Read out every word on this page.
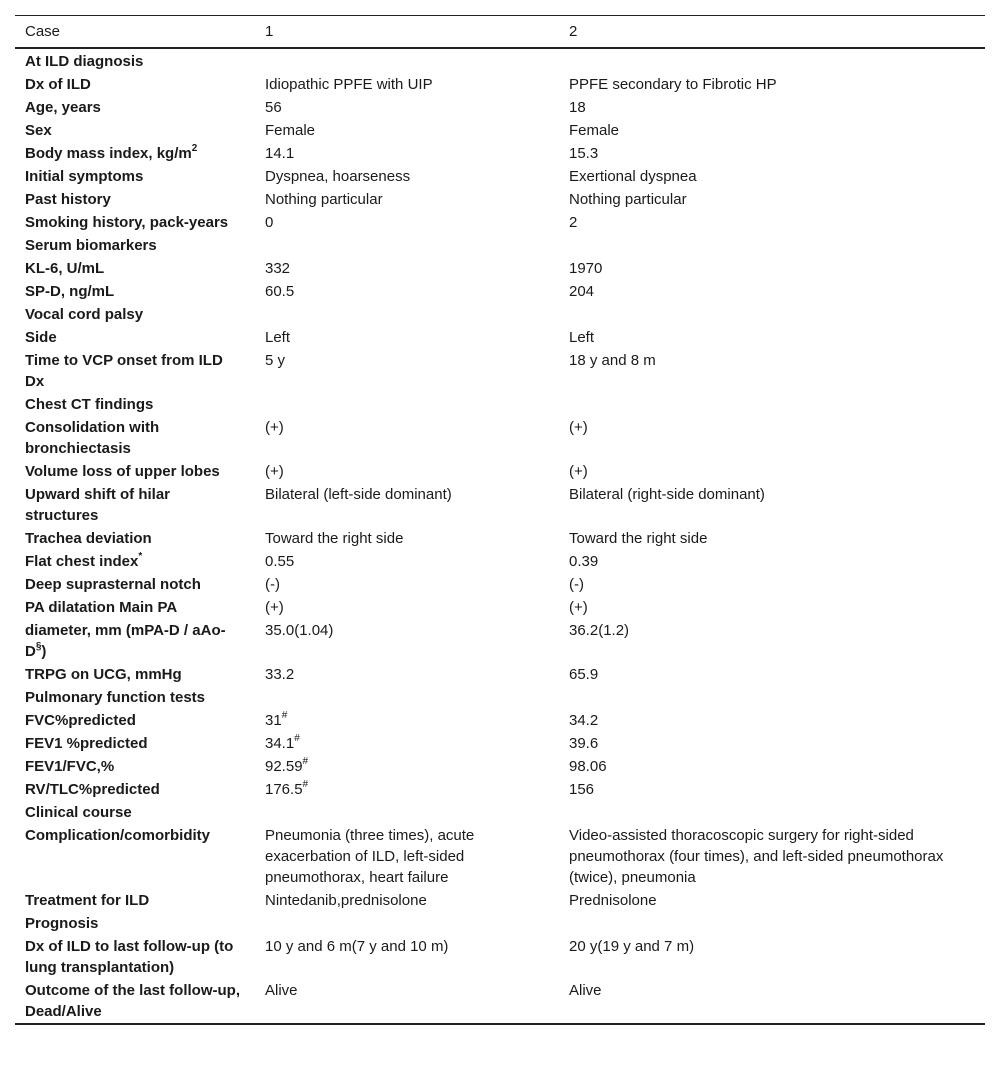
Case	1	2
At ILD diagnosis		
Dx of ILD	Idiopathic PPFE with UIP	PPFE secondary to Fibrotic HP
Age, years	56	18
Sex	Female	Female
Body mass index, $kg/m^2$	14.1	15.3
Initial symptoms	Dyspnea, hoarseness	Exertional dyspnea
Past history	Nothing particular	Nothing particular
Smoking history, pack-years	0	2
Serum biomarkers		
KL-6, U/mL	332	1970
SP-D, ng/mL	60.5	204
Vocal cord palsy		
Side	Left	Left
Time to VCP onset from ILD Dx	5 y	18 y and 8 m
Chest CT findings		
Consolidation with bronchiectasis	(+)	(+)
Volume loss of upper lobes	(+)	(+)
Upward shift of hilar structures	Bilateral (left-side dominant)	Bilateral (right-side dominant)
Trachea deviation	Toward the right side	Toward the right side
Flat chest index*	0.55	0.39
Deep suprasternal notch	(-)	(-)
PA dilatation Main PA	(+)	(+)
diameter, mm (mPA-D / aAo-D§)	35.0(1.04)	36.2(1.2)
TRPG on UCG, mmHg	33.2	65.9
Pulmonary function tests		
FVC%predicted	31#	34.2
FEV1 %predicted	34.1#	39.6
FEV1/FVC,%	92.59#	98.06
RV/TLC%predicted	176.5#	156
Clinical course		
Complication/comorbidity	Pneumonia (three times), acute exacerbation of ILD, left-sided pneumothorax, heart failure	Video-assisted thoracoscopic surgery for right-sided pneumothorax (four times), and left-sided pneumothorax (twice), pneumonia
Treatment for ILD	Nintedanib,prednisolone	Prednisolone
Prognosis		
Dx of ILD to last follow-up (to lung transplantation)	10 y and 6 m(7 y and 10 m)	20 y(19 y and 7 m)
Outcome of the last follow-up, Dead/Alive	Alive	Alive
